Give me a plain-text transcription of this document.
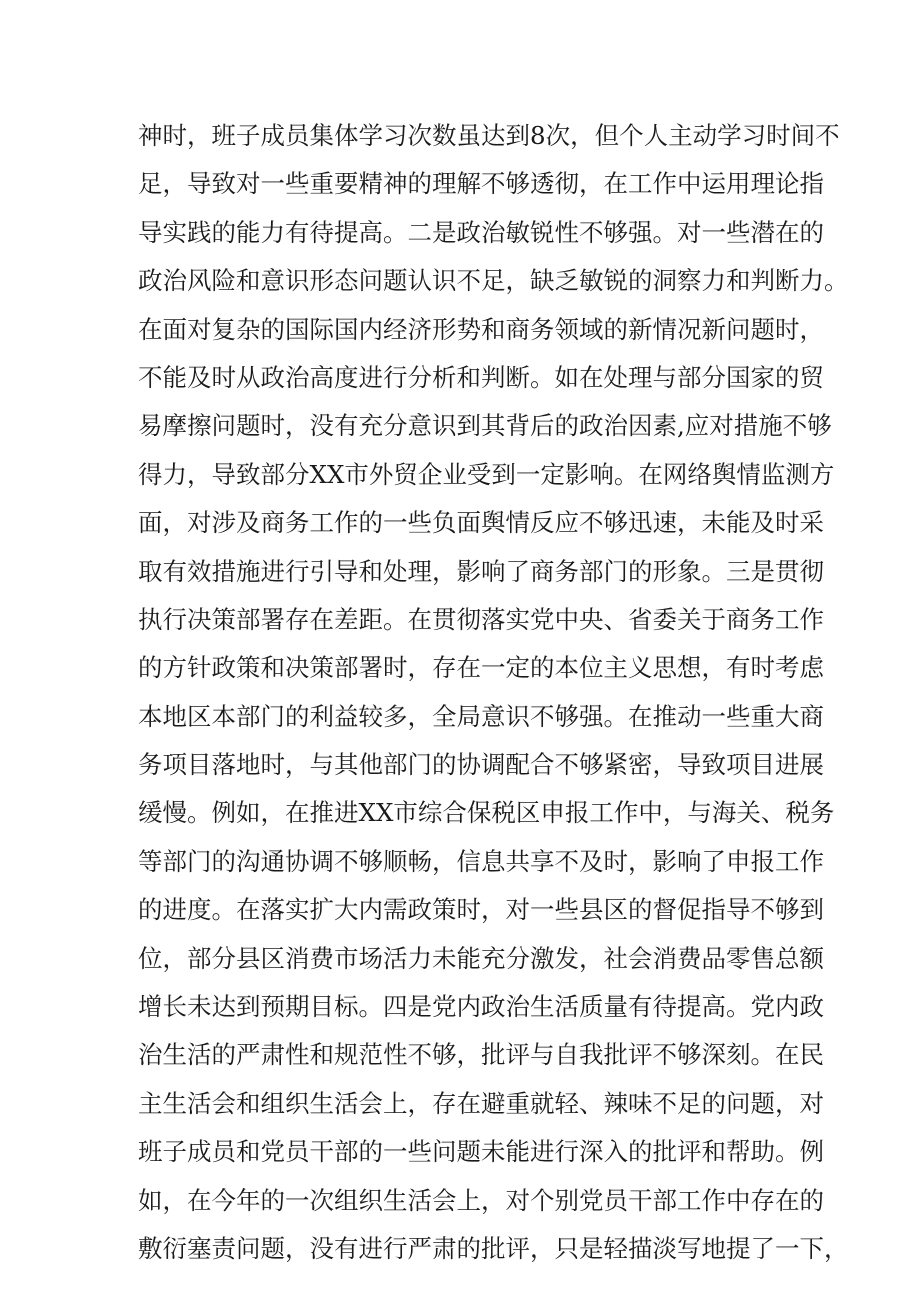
神时，班子成员集体学习次数虽达到8次，但个人主动学习时间不
足，导致对一些重要精神的理解不够透彻，在工作中运用理论指
导实践的能力有待提高。二是政治敏锐性不够强。对一些潜在的
政治风险和意识形态问题认识不足，缺乏敏锐的洞察力和判断力。
在面对复杂的国际国内经济形势和商务领域的新情况新问题时，
不能及时从政治高度进行分析和判断。如在处理与部分国家的贸
易摩擦问题时，没有充分意识到其背后的政治因素,应对措施不够
得力，导致部分XX市外贸企业受到一定影响。在网络舆情监测方
面，对涉及商务工作的一些负面舆情反应不够迅速，未能及时采
取有效措施进行引导和处理，影响了商务部门的形象。三是贯彻
执行决策部署存在差距。在贯彻落实党中央、省委关于商务工作
的方针政策和决策部署时，存在一定的本位主义思想，有时考虑
本地区本部门的利益较多，全局意识不够强。在推动一些重大商
务项目落地时，与其他部门的协调配合不够紧密，导致项目进展
缓慢。例如，在推进XX市综合保税区申报工作中，与海关、税务
等部门的沟通协调不够顺畅，信息共享不及时，影响了申报工作
的进度。在落实扩大内需政策时，对一些县区的督促指导不够到
位，部分县区消费市场活力未能充分激发，社会消费品零售总额
增长未达到预期目标。四是党内政治生活质量有待提高。党内政
治生活的严肃性和规范性不够，批评与自我批评不够深刻。在民
主生活会和组织生活会上，存在避重就轻、辣味不足的问题，对
班子成员和党员干部的一些问题未能进行深入的批评和帮助。例
如，在今年的一次组织生活会上，对个别党员干部工作中存在的
敷衍塞责问题，没有进行严肃的批评，只是轻描淡写地提了一下，
